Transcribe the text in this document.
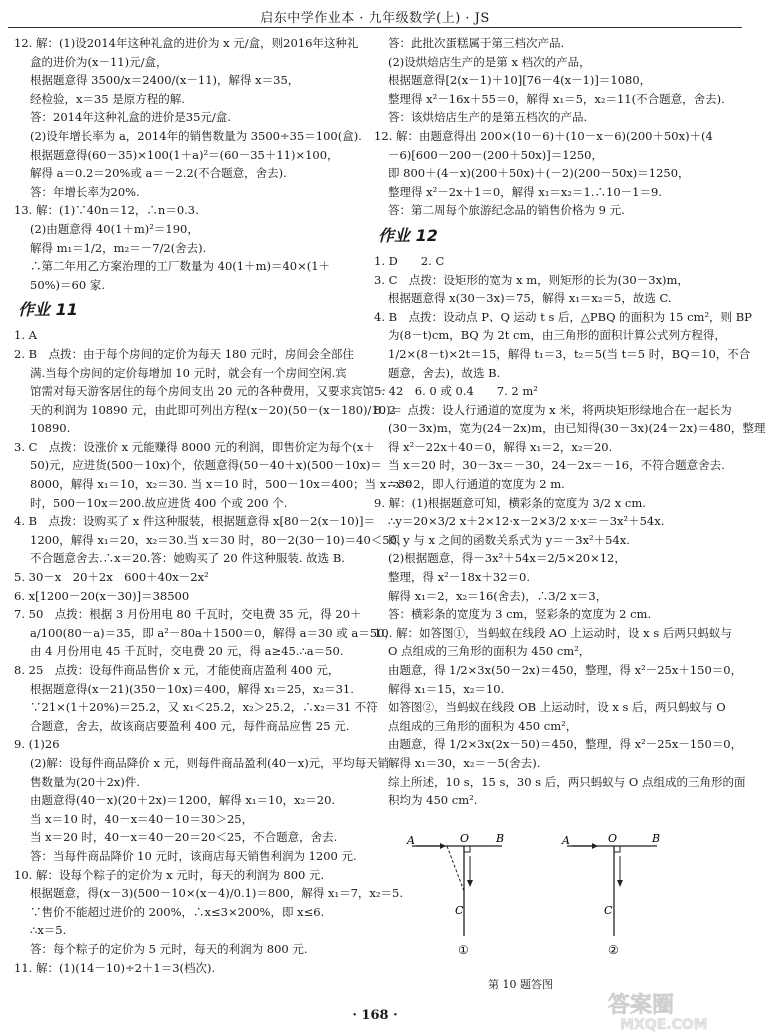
启东中学作业本 · 九年级数学(上) · JS
12. 解：(1)设2014年这种礼盒的进价为 x 元/盒，则2016年这种礼
盒的进价为(x－11)元/盒，
根据题意得 3500/x＝2400/(x－11)，解得 x＝35，
经检验，x＝35 是原方程的解.
答：2014年这种礼盒的进价是35元/盒.
(2)设年增长率为 a，2014年的销售数量为 3500÷35＝100(盒).
根据题意得(60－35)×100(1＋a)²＝(60－35＋11)×100，
解得 a＝0.2＝20%或 a＝－2.2(不合题意，舍去).
答：年增长率为20%.
13. 解：(1)∵40n＝12，∴n＝0.3.
(2)由题意得 40(1＋m)²＝190，
解得 m₁＝1/2，m₂＝－7/2(舍去).
∴第二年用乙方案治理的工厂数量为 40(1＋m)＝40×(1＋
50%)＝60 家.
作业 11
1. A
2. B　点拨：由于每个房间的定价为每天 180 元时，房间会全部住
满.当每个房间的定价每增加 10 元时，就会有一个房间空闲.宾
馆需对每天游客居住的每个房间支出 20 元的各种费用，又要求宾馆一
天的利润为 10890 元，由此即可列出方程(x－20)(50－(x－180)/10)＝
10890.
3. C　点拨：设涨价 x 元能赚得 8000 元的利润，即售价定为每个(x＋
50)元，应进货(500－10x)个，依题意得(50－40＋x)(500－10x)＝
8000，解得 x₁＝10，x₂＝30. 当 x＝10 时，500－10x＝400；当 x＝30
时，500－10x＝200.故应进货 400 个或 200 个.
4. B　点拨：设购买了 x 件这种服装，根据题意得 x[80－2(x－10)]＝
1200，解得 x₁＝20，x₂＝30.当 x＝30 时，80－2(30－10)＝40＜50，
不合题意舍去.∴x＝20.答：她购买了 20 件这种服装. 故选 B.
5. 30－x　20＋2x　600＋40x－2x²
6. x[1200－20(x－30)]＝38500
7. 50　点拨：根据 3 月份用电 80 千瓦时，交电费 35 元，得 20＋
a/100(80－a)＝35，即 a²－80a＋1500＝0，解得 a＝30 或 a＝50，
由 4 月份用电 45 千瓦时，交电费 20 元，得 a≥45.∴a＝50.
8. 25　点拨：设每件商品售价 x 元，才能使商店盈利 400 元，
根据题意得(x－21)(350－10x)＝400，解得 x₁＝25，x₂＝31.
∵21×(1＋20%)＝25.2，又 x₁＜25.2，x₂＞25.2，∴x₂＝31 不符
合题意，舍去，故该商店要盈利 400 元，每件商品应售 25 元.
9. (1)26
(2)解：设每件商品降价 x 元，则每件商品盈利(40－x)元，平均每天销
售数量为(20＋2x)件.
由题意得(40－x)(20＋2x)＝1200，解得 x₁＝10，x₂＝20.
当 x＝10 时，40－x＝40－10＝30＞25，
当 x＝20 时，40－x＝40－20＝20＜25，不合题意，舍去.
答：当每件商品降价 10 元时，该商店每天销售利润为 1200 元.
10. 解：设每个粽子的定价为 x 元时，每天的利润为 800 元.
根据题意，得(x－3)(500－10×(x－4)/0.1)＝800，解得 x₁＝7，x₂＝5.
∵售价不能超过进价的 200%，∴x≤3×200%，即 x≤6.
∴x＝5.
答：每个粽子的定价为 5 元时，每天的利润为 800 元.
11. 解：(1)(14－10)÷2＋1＝3(档次).
答：此批次蛋糕属于第三档次产品.
(2)设烘焙店生产的是第 x 档次的产品，
根据题意得[2(x－1)＋10][76－4(x－1)]＝1080，
整理得 x²－16x＋55＝0，解得 x₁＝5，x₂＝11(不合题意，舍去).
答：该烘焙店生产的是第五档次的产品.
12. 解：由题意得出 200×(10－6)＋(10－x－6)(200＋50x)＋(4
－6)[600－200－(200＋50x)]＝1250，
即 800＋(4－x)(200＋50x)＋(－2)(200－50x)＝1250，
整理得 x²－2x＋1＝0，解得 x₁＝x₂＝1.∴10－1＝9.
答：第二周每个旅游纪念品的销售价格为 9 元.
作业 12
1. D　　2. C
3. C　点拨：设矩形的宽为 x m，则矩形的长为(30－3x)m，
根据题意得 x(30－3x)＝75，解得 x₁＝x₂＝5，故选 C.
4. B　点拨：设动点 P、Q 运动 t s 后，△PBQ 的面积为 15 cm²，则 BP
为(8－t)cm，BQ 为 2t cm，由三角形的面积计算公式列方程得，
1/2×(8－t)×2t＝15，解得 t₁＝3，t₂＝5(当 t＝5 时，BQ＝10，不合
题意，舍去)，故选 B.
5. 42　6. 0 或 0.4　　7. 2 m²
8. 2　点拨：设人行通道的宽度为 x 米，将两块矩形绿地合在一起长为
(30－3x)m，宽为(24－2x)m，由已知得(30－3x)(24－2x)＝480，整理
得 x²－22x＋40＝0，解得 x₁＝2，x₂＝20.
当 x＝20 时，30－3x＝－30，24－2x＝－16，不符合题意舍去.
∴x＝2，即人行通道的宽度为 2 m.
9. 解：(1)根据题意可知，横彩条的宽度为 3/2 x cm.
∴y＝20×3/2 x＋2×12·x－2×3/2 x·x＝－3x²＋54x.
即 y 与 x 之间的函数关系式为 y＝－3x²＋54x.
(2)根据题意，得－3x²＋54x＝2/5×20×12，
整理，得 x²－18x＋32＝0.
解得 x₁＝2，x₂＝16(舍去)，∴3/2 x＝3，
答：横彩条的宽度为 3 cm，竖彩条的宽度为 2 cm.
10. 解：如答图①，当蚂蚁在线段 AO 上运动时，设 x s 后两只蚂蚁与
O 点组成的三角形的面积为 450 cm²，
由题意，得 1/2×3x(50－2x)＝450，整理，得 x²－25x＋150＝0，
解得 x₁＝15，x₂＝10.
如答图②，当蚂蚁在线段 OB 上运动时，设 x s 后，两只蚂蚁与 O
点组成的三角形的面积为 450 cm²，
由题意，得 1/2×3x(2x－50)＝450，整理，得 x²－25x－150＝0，
解得 x₁＝30，x₂＝－5(舍去).
综上所述，10 s，15 s，30 s 后，两只蚂蚁与 O 点组成的三角形的面
积均为 450 cm².
A	O B
C
①
A	O	B
C
②
第 10 题答图
· 168 ·	答案圈
MXQE.COM
